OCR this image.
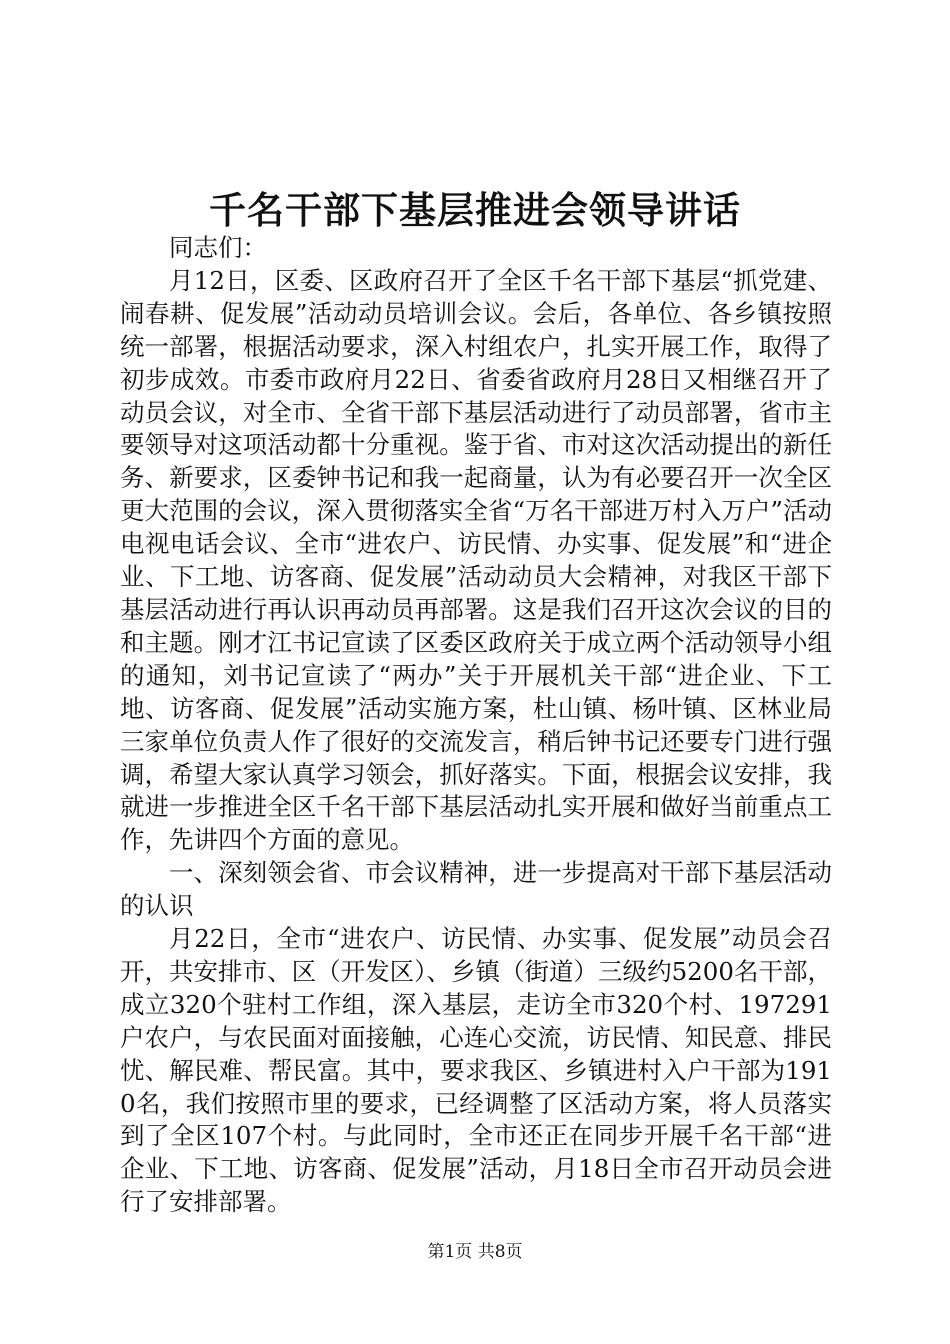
千名干部下基层推进会领导讲话

同志们：

月12日，区委、区政府召开了全区千名干部下基层“抓党建、闹春耕、促发展”活动动员培训会议。会后，各单位、各乡镇按照统一部署，根据活动要求，深入村组农户，扎实开展工作，取得了初步成效。市委市政府月22日、省委省政府月28日又相继召开了动员会议，对全市、全省干部下基层活动进行了动员部署，省市主要领导对这项活动都十分重视。鉴于省、市对这次活动提出的新任务、新要求，区委钟书记和我一起商量，认为有必要召开一次全区更大范围的会议，深入贯彻落实全省“万名干部进万村入万户”活动电视电话会议、全市“进农户、访民情、办实事、促发展”和“进企业、下工地、访客商、促发展”活动动员大会精神，对我区干部下基层活动进行再认识再动员再部署。这是我们召开这次会议的目的和主题。刚才江书记宣读了区委区政府关于成立两个活动领导小组的通知，刘书记宣读了“两办”关于开展机关干部“进企业、下工地、访客商、促发展”活动实施方案，杜山镇、杨叶镇、区林业局三家单位负责人作了很好的交流发言，稍后钟书记还要专门进行强调，希望大家认真学习领会，抓好落实。下面，根据会议安排，我就进一步推进全区千名干部下基层活动扎实开展和做好当前重点工作，先讲四个方面的意见。

一、深刻领会省、市会议精神，进一步提高对干部下基层活动的认识

月22日，全市“进农户、访民情、办实事、促发展”动员会召开，共安排市、区（开发区）、乡镇（街道）三级约5200名干部，成立320个驻村工作组，深入基层，走访全市320个村、197291户农户，与农民面对面接触，心连心交流，访民情、知民意、排民忧、解民难、帮民富。其中，要求我区、乡镇进村入户干部为1910名，我们按照市里的要求，已经调整了区活动方案，将人员落实到了全区107个村。与此同时，全市还正在同步开展千名干部“进企业、下工地、访客商、促发展”活动，月18日全市召开动员会进行了安排部署。

第1页 共8页
